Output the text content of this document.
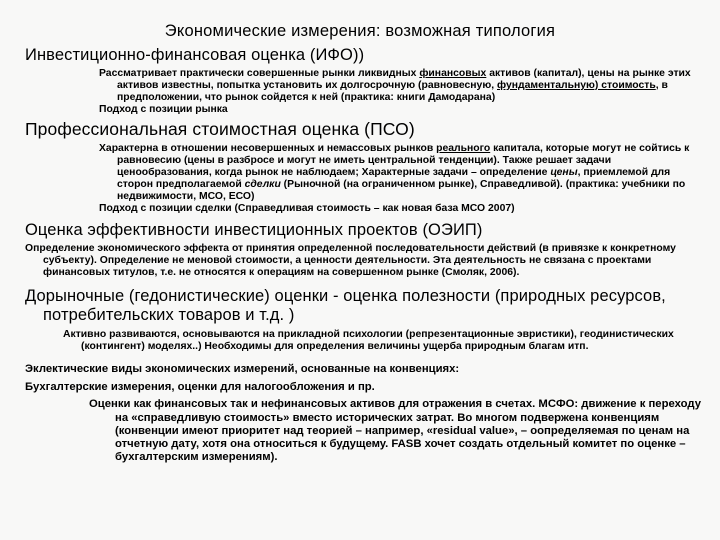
Экономические измерения: возможная типология
Инвестиционно-финансовая оценка (ИФО))
Рассматривает практически совершенные рынки ликвидных финансовых активов (капитал), цены на рынке этих активов известны, попытка установить их долгосрочную (равновесную, фундаментальную) стоимость, в предположении, что рынок сойдется к ней (практика: книги Дамодарана)
Подход с позиции рынка
Профессиональная стоимостная оценка (ПСО)
Характерна в отношении несовершенных и немассовых рынков реального капитала, которые могут не сойтись к равновесию (цены в разбросе и могут не иметь центральной тенденции). Также решает задачи ценообразования, когда рынок не наблюдаем; Характерные задачи – определение цены, приемлемой для сторон предполагаемой сделки (Рыночной (на ограниченном рынке), Справедливой). (практика: учебники по недвижимости, МСО, ЕСО)
Подход с позиции сделки (Справедливая стоимость – как новая база МСО 2007)
Оценка эффективности инвестиционных проектов (ОЭИП)
Определение экономического эффекта от принятия определенной последовательности действий (в привязке к конкретному субъекту). Определение не меновой стоимости, а ценности деятельности. Эта деятельность не связана с проектами финансовых титулов, т.е. не относятся к операциям на совершенном рынке (Смоляк, 2006).
Дорыночные (гедонистические) оценки - оценка полезности (природных ресурсов, потребительских товаров и т.д. )
Активно развиваются, основываются на прикладной психологии (репрезентационные эвристики), геодинистических (контингент) моделях..) Необходимы для определения величины ущерба природным благам итп.
Эклектические виды экономических измерений, основанные на конвенциях:
Бухгалтерские измерения, оценки для налогообложения и пр.
Оценки как финансовых так и нефинансовых активов для отражения в счетах. МСФО: движение к переходу на «справедливую стоимость» вместо исторических затрат. Во многом подвержена конвенциям (конвенции имеют приоритет над теорией – например, «residual value», – оопределяемая по ценам на отчетную дату, хотя она относиться к будущему. FASB хочет создать отдельный комитет по оценке – бухгалтерским измерениям).
